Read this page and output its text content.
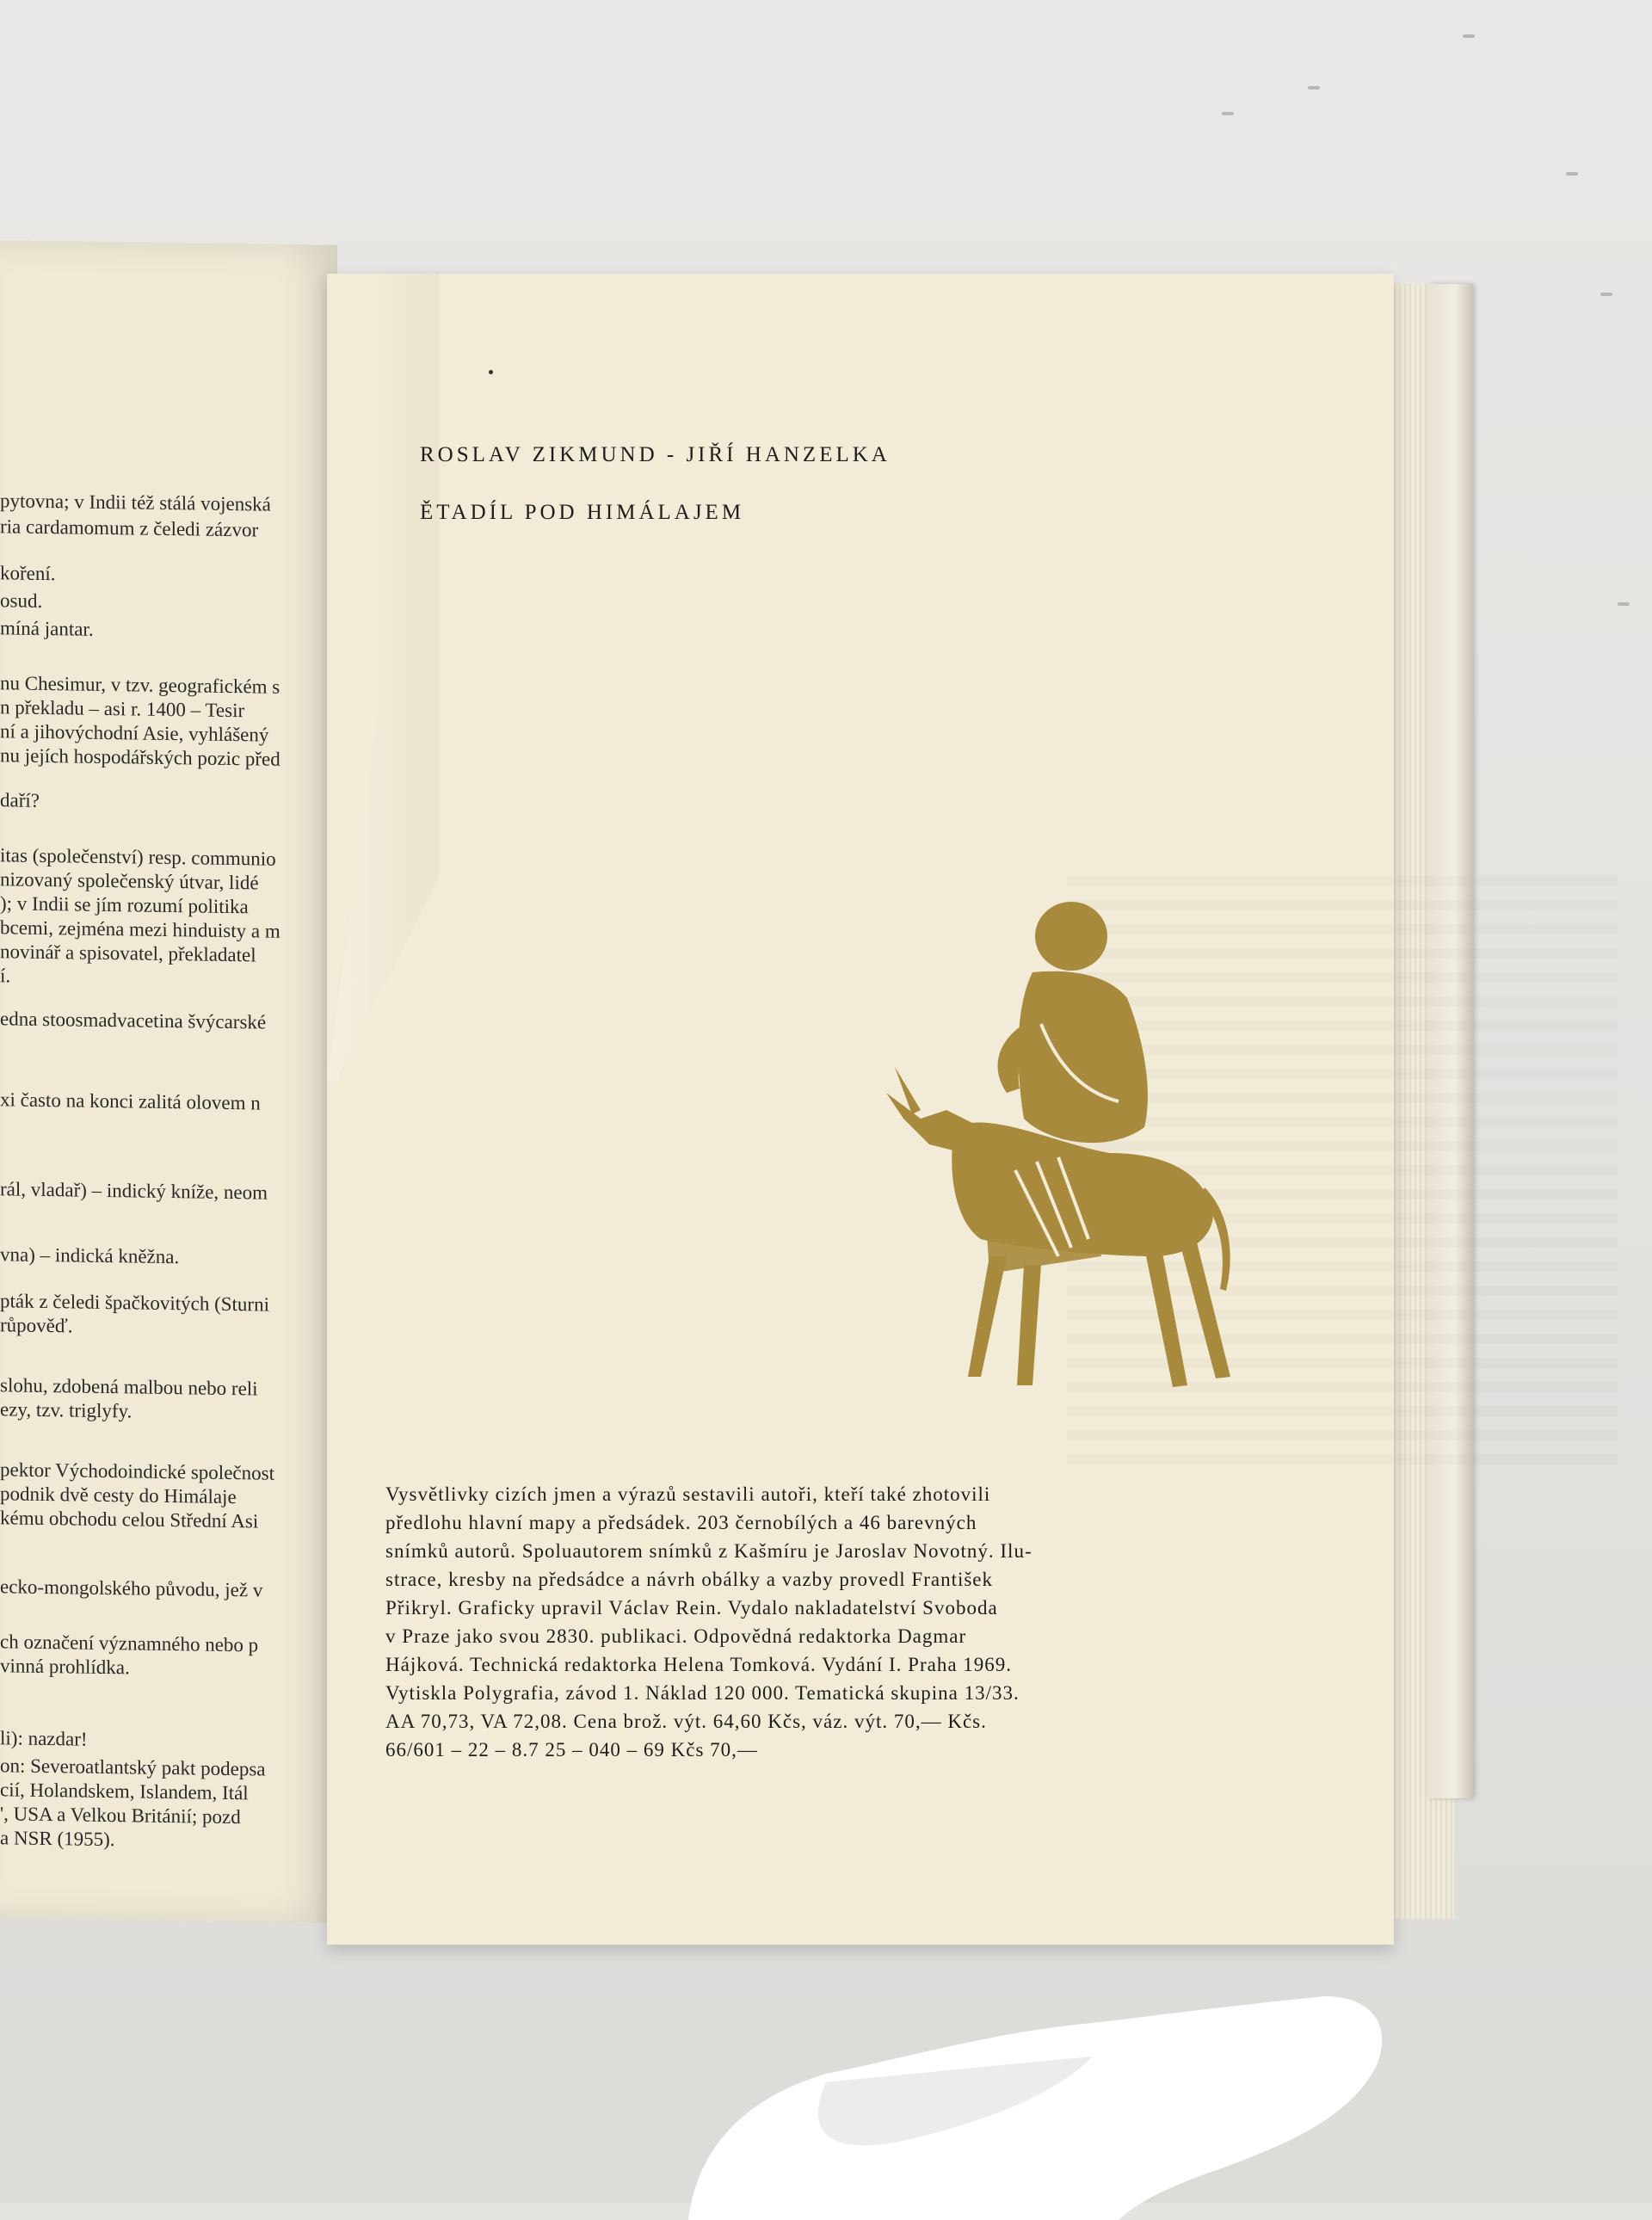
pytovna; v Indii též stálá vojenská
ria cardamomum z čeledi zázvor
koření.
osud.
míná jantar.
nu Chesimur, v tzv. geografickém s
n překladu – asi r. 1400 – Tesir
ní a jihovýchodní Asie, vyhlášený
nu jejích hospodářských pozic před
daří?
itas (společenství) resp. communio
nizovaný společenský útvar, lidé
); v Indii se jím rozumí politika
bcemi, zejména mezi hinduisty a m
novinář a spisovatel, překladatel
í.
edna stoosmadvacetina švýcarské
xi často na konci zalitá olovem n
rál, vladař) – indický kníže, neom
vna) – indická kněžna.
pták z čeledi špačkovitých (Sturni
růpověď.
slohu, zdobená malbou nebo reli
ezy, tzv. triglyfy.
pektor Východoindické společnost
podnik dvě cesty do Himálaje
kému obchodu celou Střední Asi
ecko-mongolského původu, jež v
ch označení významného nebo p
vinná prohlídka.
li): nazdar!
on: Severoatlantský pakt podepsa
cií, Holandskem, Islandem, Itál
', USA a Velkou Británií; pozd
a NSR (1955).
ROSLAV ZIKMUND - JIŘÍ HANZELKA
ĚTADÍL POD HIMÁLAJEM
Vysvětlivky cizích jmen a výrazů sestavili autoři, kteří také zhotovili
předlohu hlavní mapy a předsádek. 203 černobílých a 46 barevných
snímků autorů. Spoluautorem snímků z Kašmíru je Jaroslav Novotný. Ilu-
strace, kresby na předsádce a návrh obálky a vazby provedl František
Přikryl. Graficky upravil Václav Rein. Vydalo nakladatelství Svoboda
v Praze jako svou 2830. publikaci. Odpovědná redaktorka Dagmar
Hájková. Technická redaktorka Helena Tomková. Vydání I. Praha 1969.
Vytiskla Polygrafia, závod 1. Náklad 120 000. Tematická skupina 13/33.
AA 70,73, VA 72,08. Cena brož. výt. 64,60 Kčs, váz. výt. 70,— Kčs.
66/601 – 22 – 8.7 25 – 040 – 69 Kčs 70,—
